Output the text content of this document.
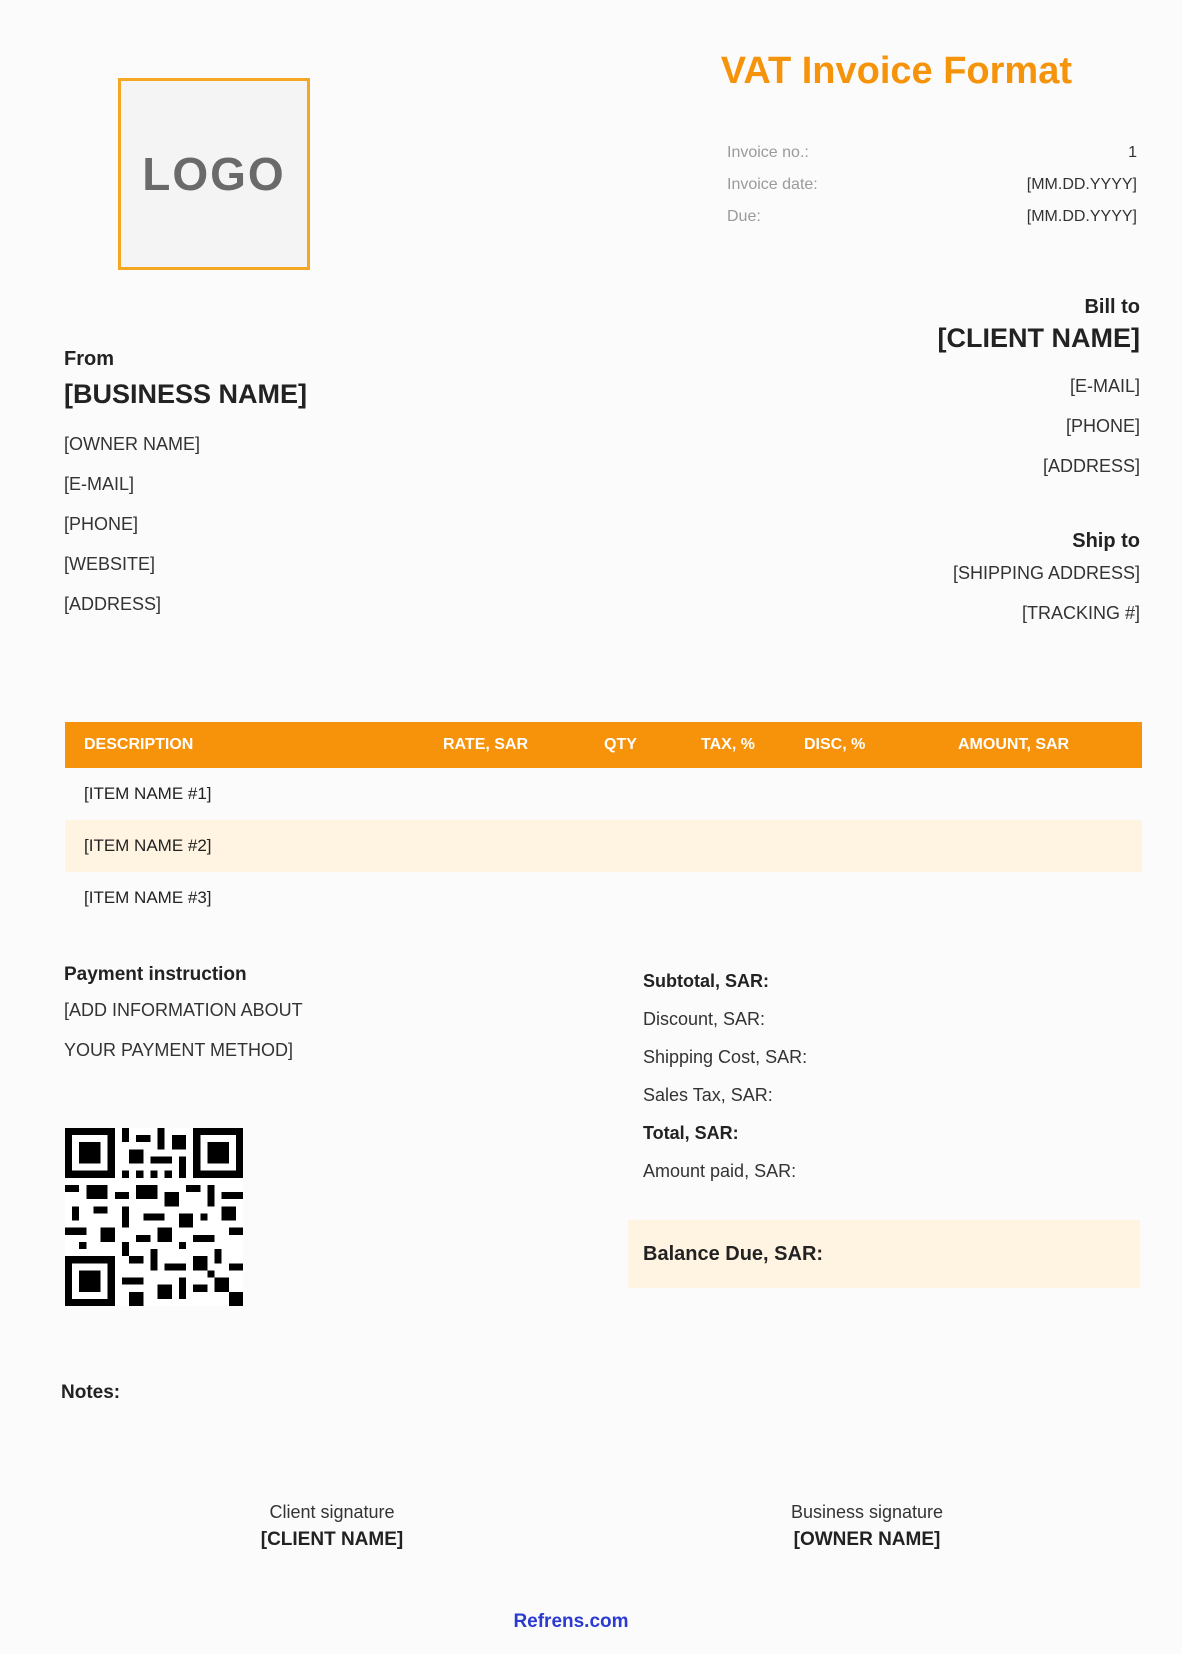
VAT Invoice Format
LOGO	Invoice no.:	1
Invoice date:	[MM.DD.YYYY]
Due:	[MM.DD.YYYY]
From
[BUSINESS NAME]
[OWNER NAME]
[E-MAIL]
[PHONE]
[WEBSITE]
[ADDRESS]
Bill to
[CLIENT NAME]
[E-MAIL]
[PHONE]
[ADDRESS]
Ship to
[SHIPPING ADDRESS]
[TRACKING #]
DESCRIPTION	RATE, SAR	QTY	TAX, %	DISC, %	AMOUNT, SAR
[ITEM NAME #1]
[ITEM NAME #2]
[ITEM NAME #3]
Payment instruction
[ADD INFORMATION ABOUT
YOUR PAYMENT METHOD]
Subtotal, SAR:
Discount, SAR:
Shipping Cost, SAR:
Sales Tax, SAR:
Total, SAR:
Amount paid, SAR:
Balance Due, SAR:
Notes:
Client signature
[CLIENT NAME]
Business signature
[OWNER NAME]
Refrens.com
